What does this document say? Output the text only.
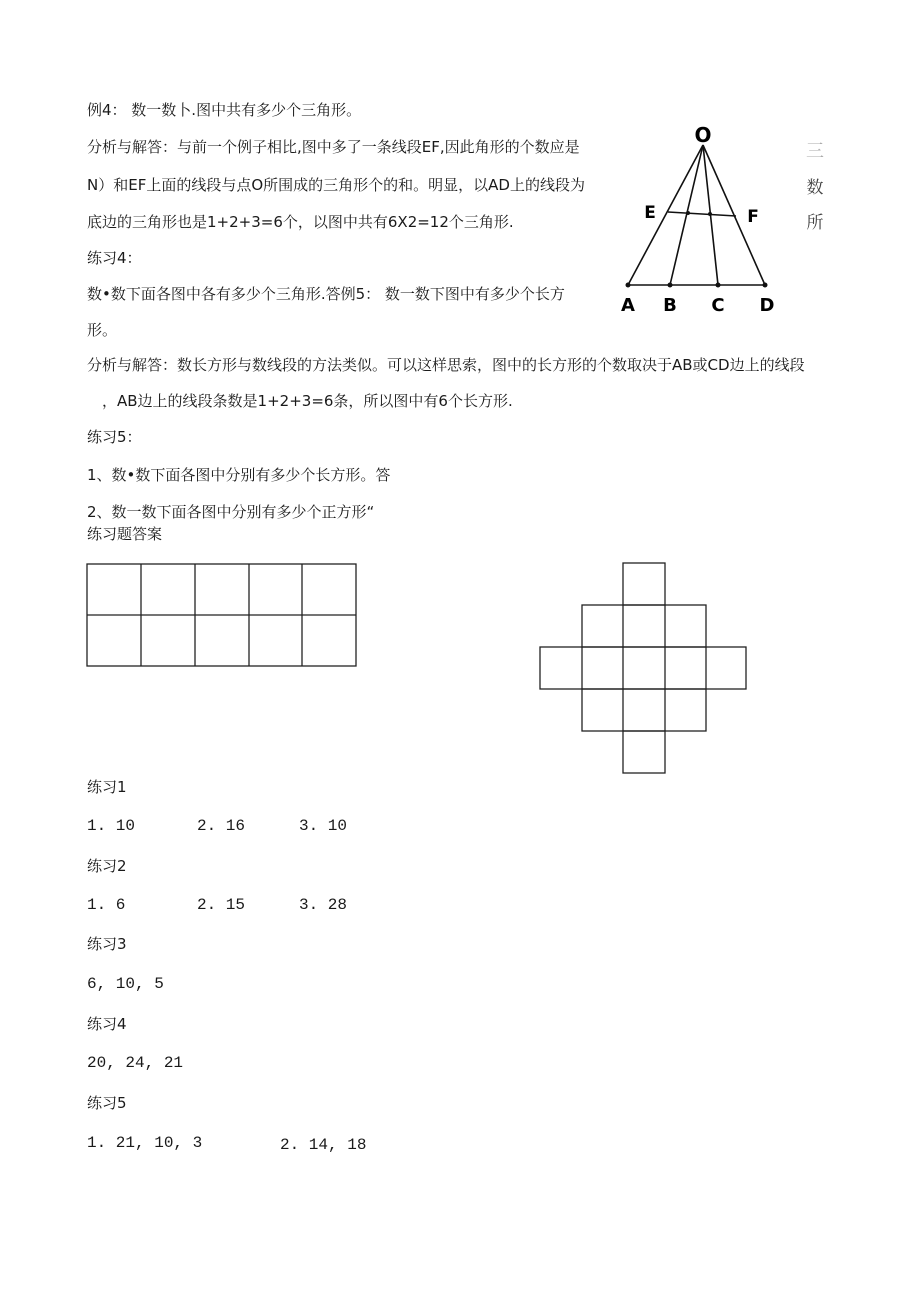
例4： 数一数卜.图中共有多少个三角形。
分析与解答：与前一个例子相比,图中多了一条线段EF,因此角形的个数应是
N）和EF上面的线段与点O所围成的三角形个的和。明显，以AD上的线段为
底边的三角形也是1+2+3=6个，以图中共有6X2=12个三角形.
O
E	F
A B C D
三
数
所
练习4：
数•数下面各图中各有多少个三角形.答例5： 数一数下图中有多少个长方
形。
分析与解答：数长方形与数线段的方法类似。可以这样思索，图中的长方形的个数取决于AB或CD边上的线段
，AB边上的线段条数是1+2+3=6条，所以图中有6个长方形.
练习5：
1、数•数下面各图中分别有多少个长方形。答
2、数一数下面各图中分别有多少个正方形“
练习题答案
练习1
1. 10	2. 16	3. 10
练习2
1. 6	2. 15	3. 28
练习3
6, 10, 5
练习4
20, 24, 21
练习5
1. 21, 10, 3	2. 14, 18
